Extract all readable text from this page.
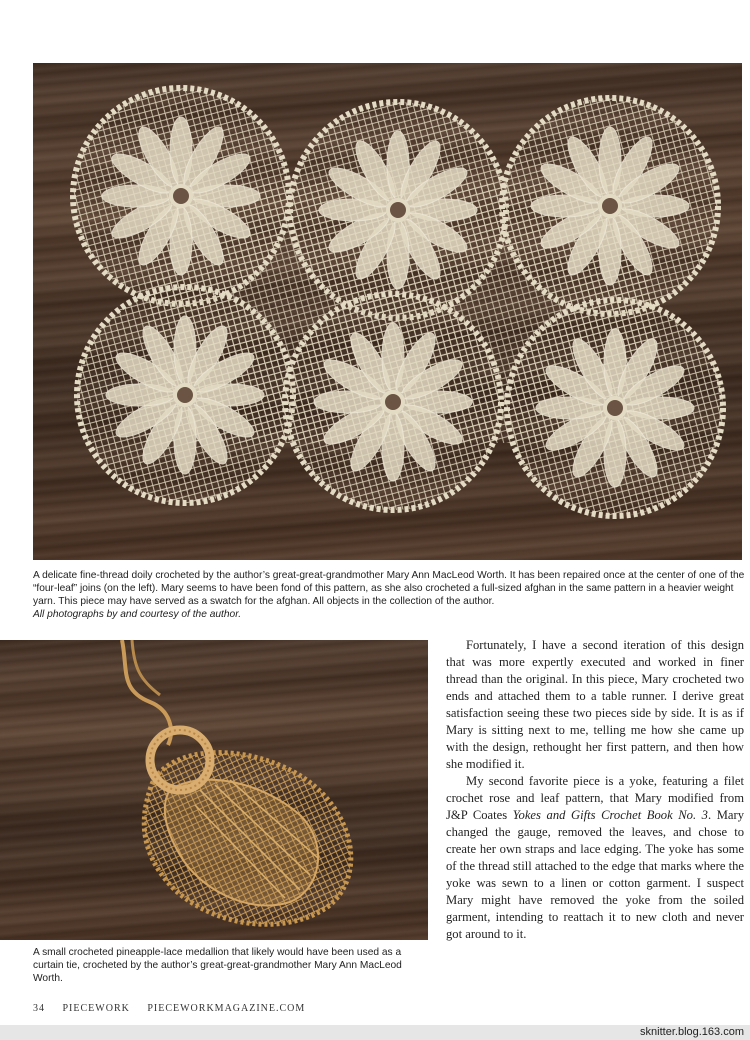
A delicate fine-thread doily crocheted by the author’s great-great-grandmother Mary Ann MacLeod Worth. It has been repaired once at the center of one of the “four-leaf” joins (on the left). Mary seems to have been fond of this pattern, as she also crocheted a full-sized afghan in the same pattern in a heavier weight yarn. This piece may have served as a swatch for the afghan. All objects in the collection of the author.
All photographs by and courtesy of the author.

A small crocheted pineapple-lace medallion that likely would have been used as a curtain tie, crocheted by the author’s great-great-grandmother Mary Ann MacLeod Worth.

Fortunately, I have a second iteration of this design that was more expertly executed and worked in finer thread than the original. In this piece, Mary crocheted two ends and attached them to a table runner. I derive great satisfaction seeing these two pieces side by side. It is as if Mary is sitting next to me, telling me how she came up with the design, rethought her first pattern, and then how she modified it.

My second favorite piece is a yoke, featuring a filet crochet rose and leaf pattern, that Mary modified from J&P Coates Yokes and Gifts Crochet Book No. 3. Mary changed the gauge, removed the leaves, and chose to create her own straps and lace edging. The yoke has some of the thread still attached to the edge that marks where the yoke was sewn to a linen or cotton garment. I suspect Mary might have removed the yoke from the soiled garment, intending to reattach it to new cloth and never got around to it.

34 PIECEWORK PIECEWORKMAGAZINE.COM
sknitter.blog.163.com
